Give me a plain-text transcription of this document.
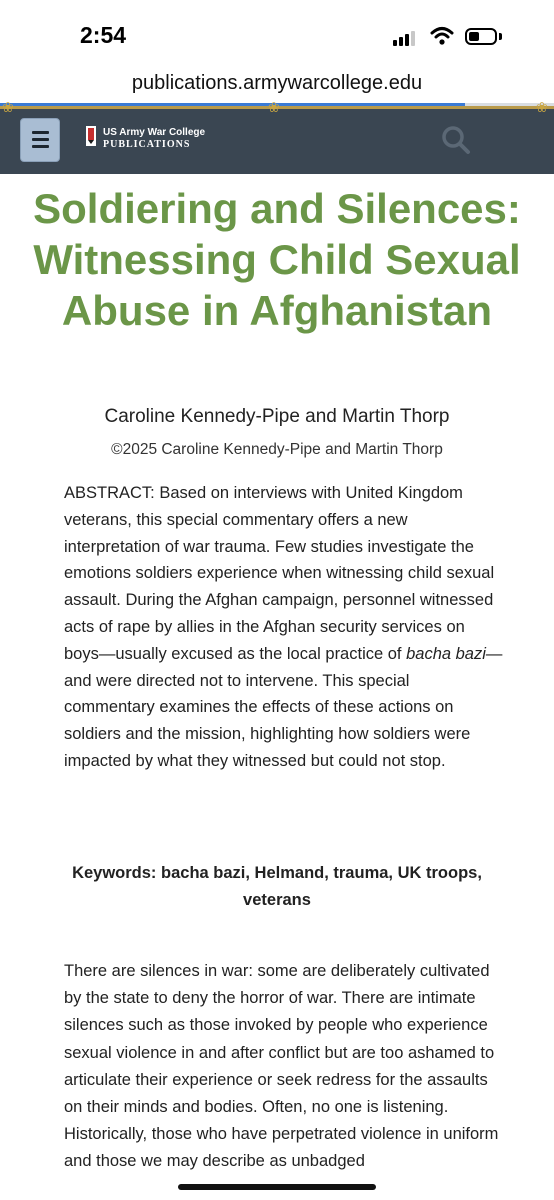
2:54
publications.armywarcollege.edu
❀	❀	❀
US Army War College
PUBLICATIONS
Soldiering and Silences: Witnessing Child Sexual Abuse in Afghanistan
Caroline Kennedy-Pipe and Martin Thorp
©2025 Caroline Kennedy-Pipe and Martin Thorp

ABSTRACT: Based on interviews with United Kingdom veterans, this special commentary offers a new interpretation of war trauma. Few studies investigate the emotions soldiers experience when witnessing child sexual assault. During the Afghan campaign, personnel witnessed acts of rape by allies in the Afghan security services on boys—usually excused as the local practice of bacha bazi—and were directed not to intervene. This special commentary examines the effects of these actions on soldiers and the mission, highlighting how soldiers were impacted by what they witnessed but could not stop.

Keywords: bacha bazi, Helmand, trauma, UK troops, veterans

There are silences in war: some are deliberately cultivated by the state to deny the horror of war. There are intimate silences such as those invoked by people who experience sexual violence in and after conflict but are too ashamed to articulate their experience or seek redress for the assaults on their minds and bodies. Often, no one is listening. Historically, those who have perpetrated violence in uniform and those we may describe as unbadged
